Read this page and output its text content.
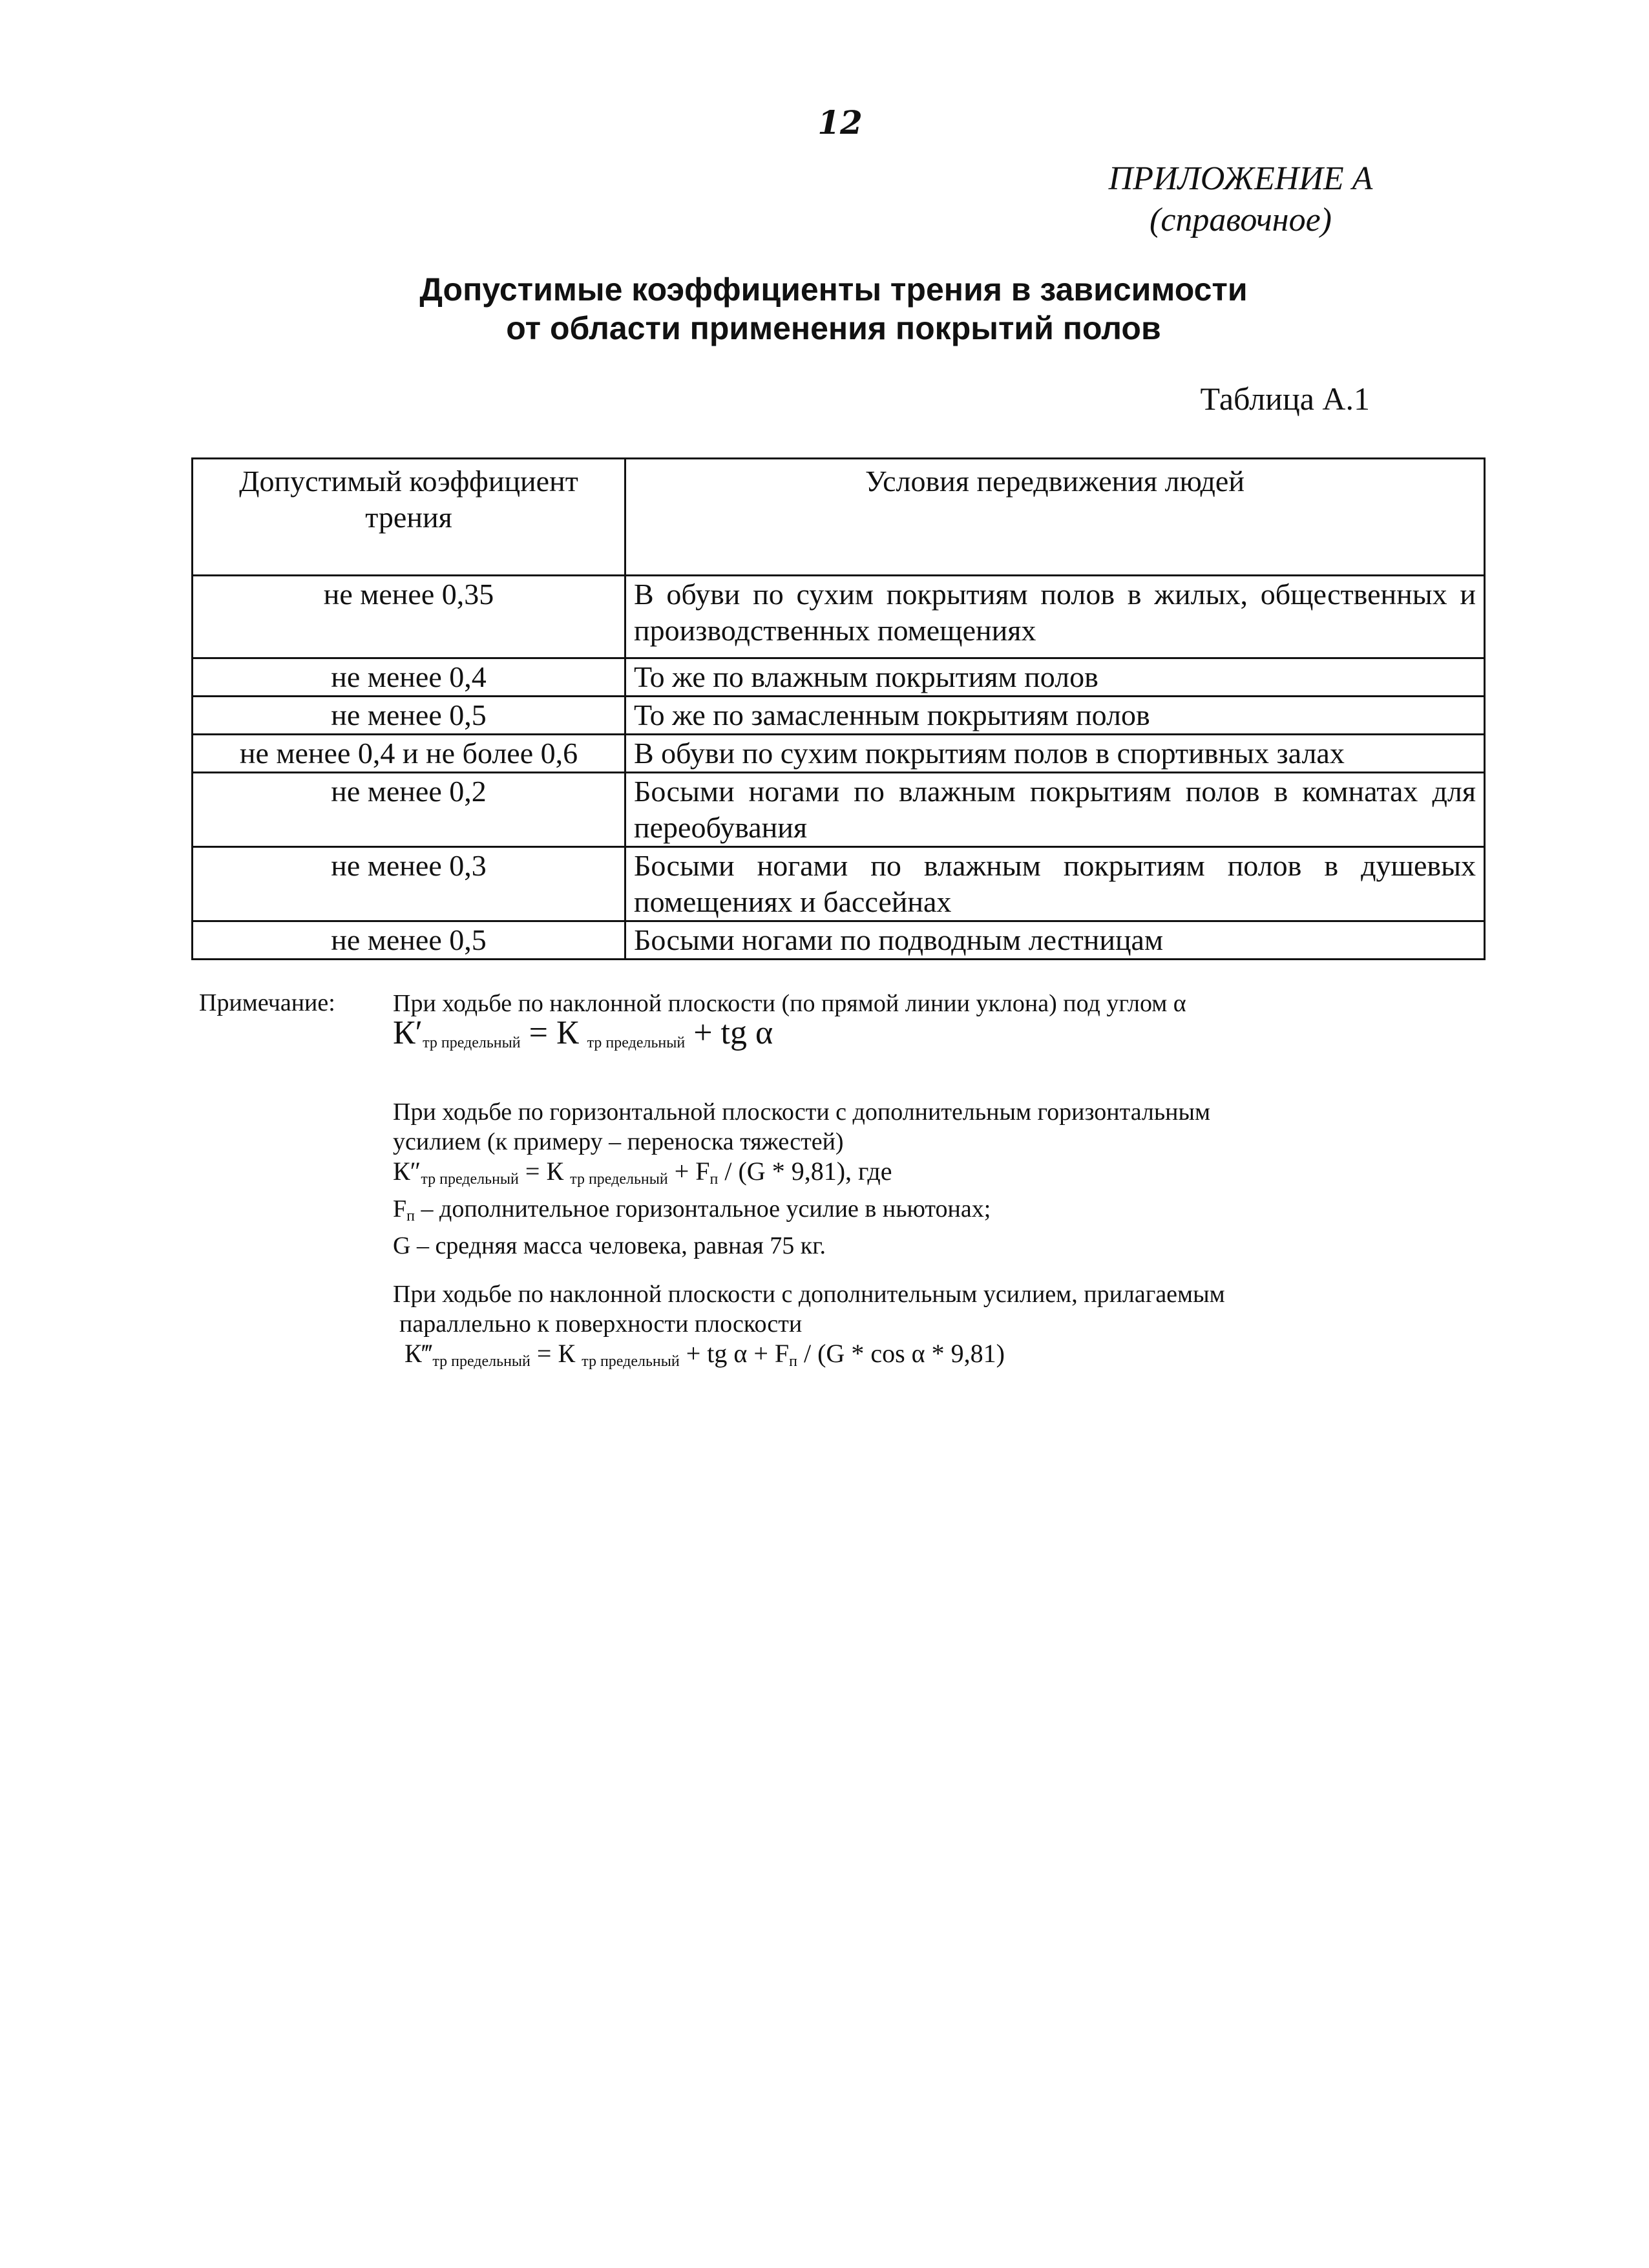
12
ПРИЛОЖЕНИЕ А
(справочное)
Допустимые коэффициенты трения в зависимости
от области применения покрытий полов
Таблица А.1
Допустимый коэффициент трения	Условия передвижения людей
не менее 0,35	В обуви по сухим покрытиям полов в жилых, общественных и производственных помещениях
не менее 0,4	То же по влажным покрытиям полов
не менее 0,5	То же по замасленным покрытиям полов
не менее 0,4 и не более 0,6	В обуви по сухим покрытиям полов в спортивных залах
не менее 0,2	Босыми ногами по влажным покрытиям полов в комнатах для переобувания
не менее 0,3	Босыми ногами по влажным покрытиям полов в душевых помещениях и бассейнах
не менее 0,5	Босыми ногами по подводным лестницам
Примечание: При ходьбе по наклонной плоскости (по прямой линии уклона) под углом α
$К'_{тр предельный} = К$ $_{тр предельный}$ + tg α
При ходьбе по горизонтальной плоскости с дополнительным горизонтальным
усилием (к примеру – переноска тяжестей)
$К''_{тр предельный} = К$ $_{тр предельный} + F_п / (G * 9,81)$, где
$F_п$ – дополнительное горизонтальное усилие в ньютонах;
G – средняя масса человека, равная 75 кг.
При ходьбе по наклонной плоскости с дополнительным усилием, прилагаемым
параллельно к поверхности плоскости
$К‴_{тр предельный} = К$ $_{тр предельный}$ + tg $\alpha + F_п / (G * \cos \alpha * 9,81)$
